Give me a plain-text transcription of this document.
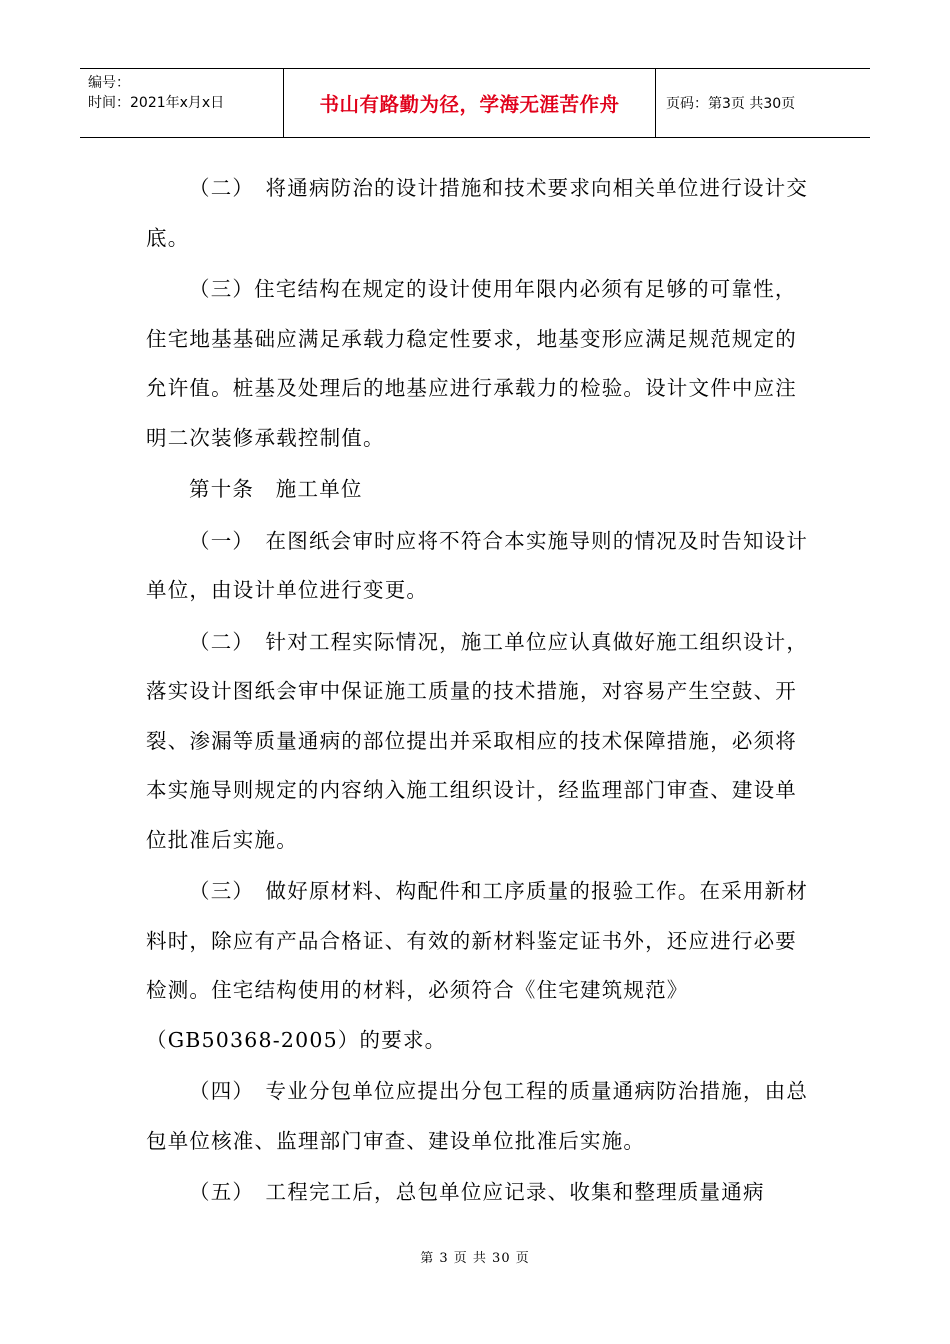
编号：
时间：2021年x月x日	书山有路勤为径，学海无涯苦作舟	页码：第3页 共30页

（二）　将通病防治的设计措施和技术要求向相关单位进行设计交底。

（三）住宅结构在规定的设计使用年限内必须有足够的可靠性，住宅地基基础应满足承载力稳定性要求，地基变形应满足规范规定的允许值。桩基及处理后的地基应进行承载力的检验。设计文件中应注明二次装修承载控制值。

第十条　施工单位

（一）　在图纸会审时应将不符合本实施导则的情况及时告知设计单位，由设计单位进行变更。

（二）　针对工程实际情况，施工单位应认真做好施工组织设计，落实设计图纸会审中保证施工质量的技术措施，对容易产生空鼓、开裂、渗漏等质量通病的部位提出并采取相应的技术保障措施，必须将本实施导则规定的内容纳入施工组织设计，经监理部门审查、建设单位批准后实施。

（三）　做好原材料、构配件和工序质量的报验工作。在采用新材料时，除应有产品合格证、有效的新材料鉴定证书外，还应进行必要检测。住宅结构使用的材料，必须符合《住宅建筑规范》（GB50368-2005）的要求。

（四）　专业分包单位应提出分包工程的质量通病防治措施，由总包单位核准、监理部门审查、建设单位批准后实施。

（五）　工程完工后，总包单位应记录、收集和整理质量通病

第 3 页 共 30 页
